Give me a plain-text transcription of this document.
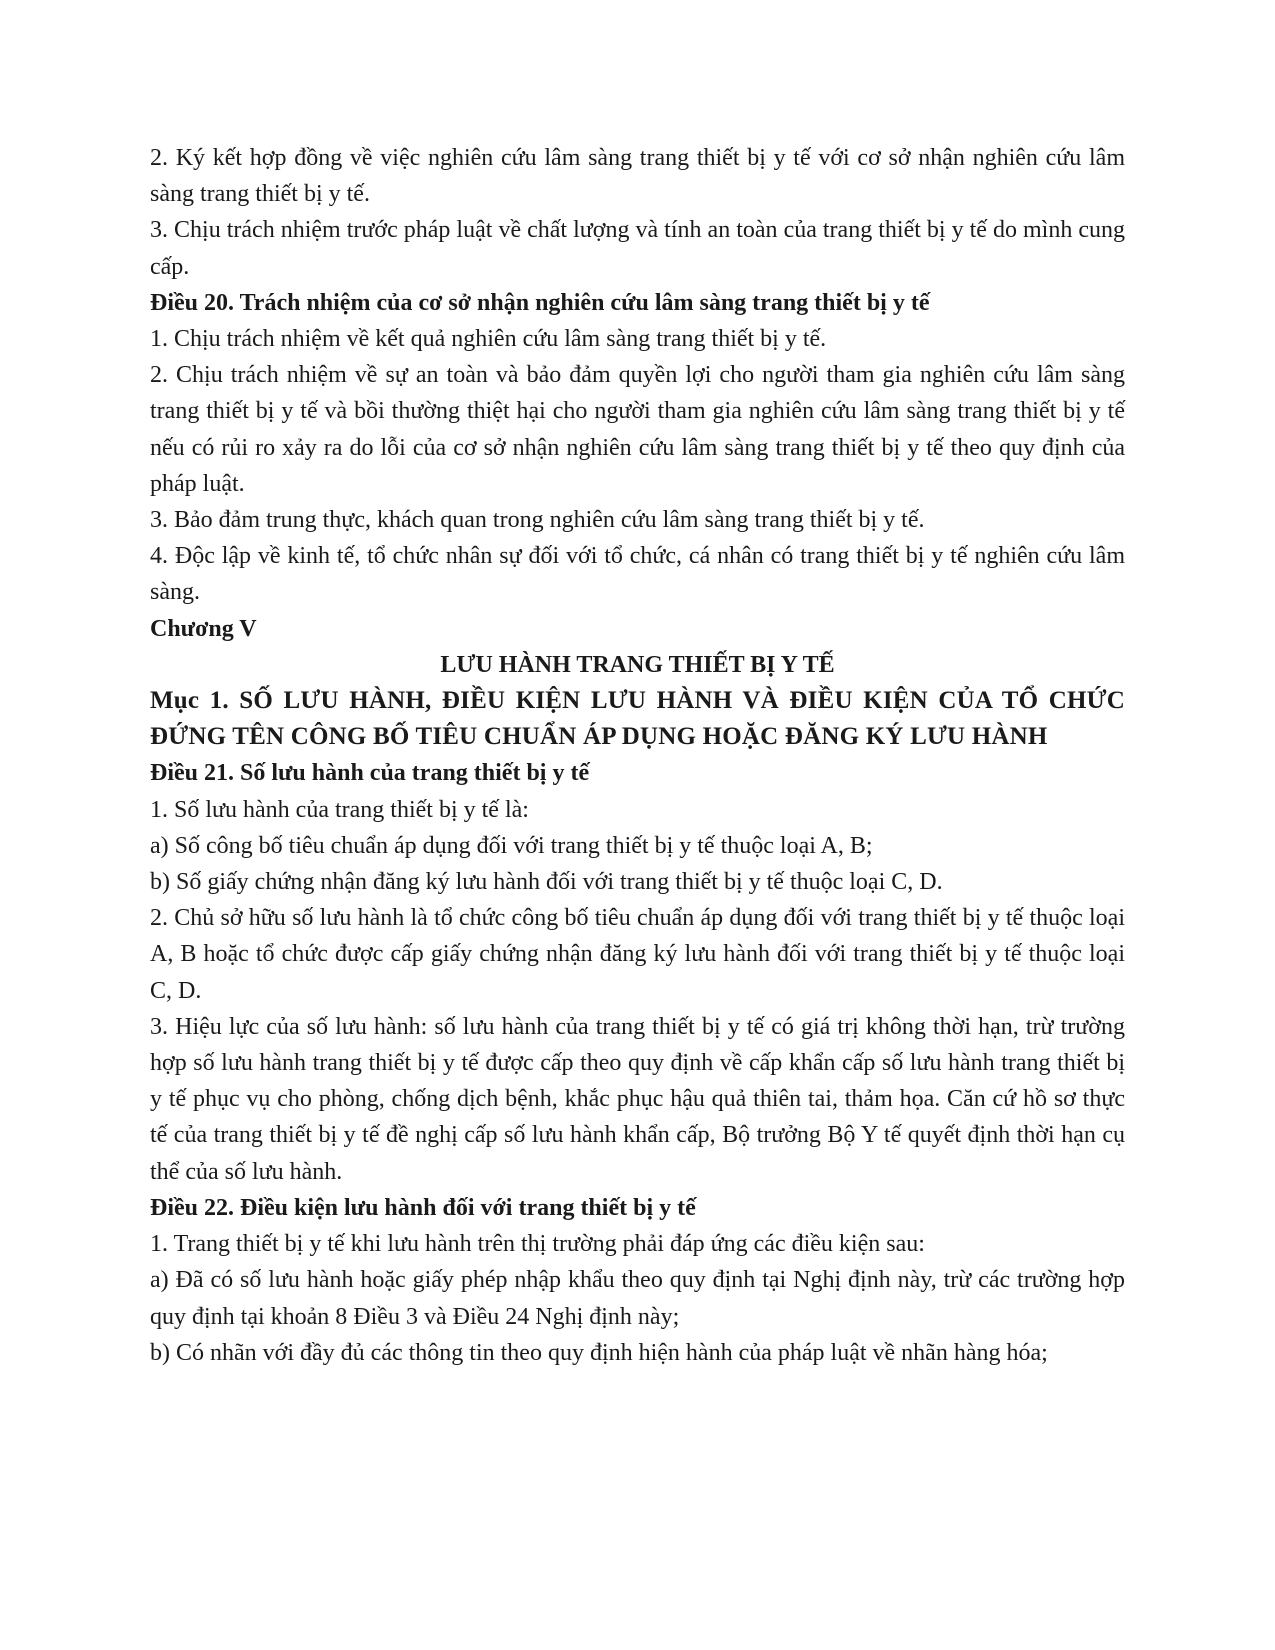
2. Ký kết hợp đồng về việc nghiên cứu lâm sàng trang thiết bị y tế với cơ sở nhận nghiên cứu lâm sàng trang thiết bị y tế.

3. Chịu trách nhiệm trước pháp luật về chất lượng và tính an toàn của trang thiết bị y tế do mình cung cấp.

Điều 20. Trách nhiệm của cơ sở nhận nghiên cứu lâm sàng trang thiết bị y tế

1. Chịu trách nhiệm về kết quả nghiên cứu lâm sàng trang thiết bị y tế.

2. Chịu trách nhiệm về sự an toàn và bảo đảm quyền lợi cho người tham gia nghiên cứu lâm sàng trang thiết bị y tế và bồi thường thiệt hại cho người tham gia nghiên cứu lâm sàng trang thiết bị y tế nếu có rủi ro xảy ra do lỗi của cơ sở nhận nghiên cứu lâm sàng trang thiết bị y tế theo quy định của pháp luật.

3. Bảo đảm trung thực, khách quan trong nghiên cứu lâm sàng trang thiết bị y tế.

4. Độc lập về kinh tế, tổ chức nhân sự đối với tổ chức, cá nhân có trang thiết bị y tế nghiên cứu lâm sàng.

Chương V

LƯU HÀNH TRANG THIẾT BỊ Y TẾ

Mục 1. SỐ LƯU HÀNH, ĐIỀU KIỆN LƯU HÀNH VÀ ĐIỀU KIỆN CỦA TỔ CHỨC ĐỨNG TÊN CÔNG BỐ TIÊU CHUẨN ÁP DỤNG HOẶC ĐĂNG KÝ LƯU HÀNH

Điều 21. Số lưu hành của trang thiết bị y tế

1. Số lưu hành của trang thiết bị y tế là:

a) Số công bố tiêu chuẩn áp dụng đối với trang thiết bị y tế thuộc loại A, B;

b) Số giấy chứng nhận đăng ký lưu hành đối với trang thiết bị y tế thuộc loại C, D.

2. Chủ sở hữu số lưu hành là tổ chức công bố tiêu chuẩn áp dụng đối với trang thiết bị y tế thuộc loại A, B hoặc tổ chức được cấp giấy chứng nhận đăng ký lưu hành đối với trang thiết bị y tế thuộc loại C, D.

3. Hiệu lực của số lưu hành: số lưu hành của trang thiết bị y tế có giá trị không thời hạn, trừ trường hợp số lưu hành trang thiết bị y tế được cấp theo quy định về cấp khẩn cấp số lưu hành trang thiết bị y tế phục vụ cho phòng, chống dịch bệnh, khắc phục hậu quả thiên tai, thảm họa. Căn cứ hồ sơ thực tế của trang thiết bị y tế đề nghị cấp số lưu hành khẩn cấp, Bộ trưởng Bộ Y tế quyết định thời hạn cụ thể của số lưu hành.

Điều 22. Điều kiện lưu hành đối với trang thiết bị y tế

1. Trang thiết bị y tế khi lưu hành trên thị trường phải đáp ứng các điều kiện sau:

a) Đã có số lưu hành hoặc giấy phép nhập khẩu theo quy định tại Nghị định này, trừ các trường hợp quy định tại khoản 8 Điều 3 và Điều 24 Nghị định này;

b) Có nhãn với đầy đủ các thông tin theo quy định hiện hành của pháp luật về nhãn hàng hóa;
